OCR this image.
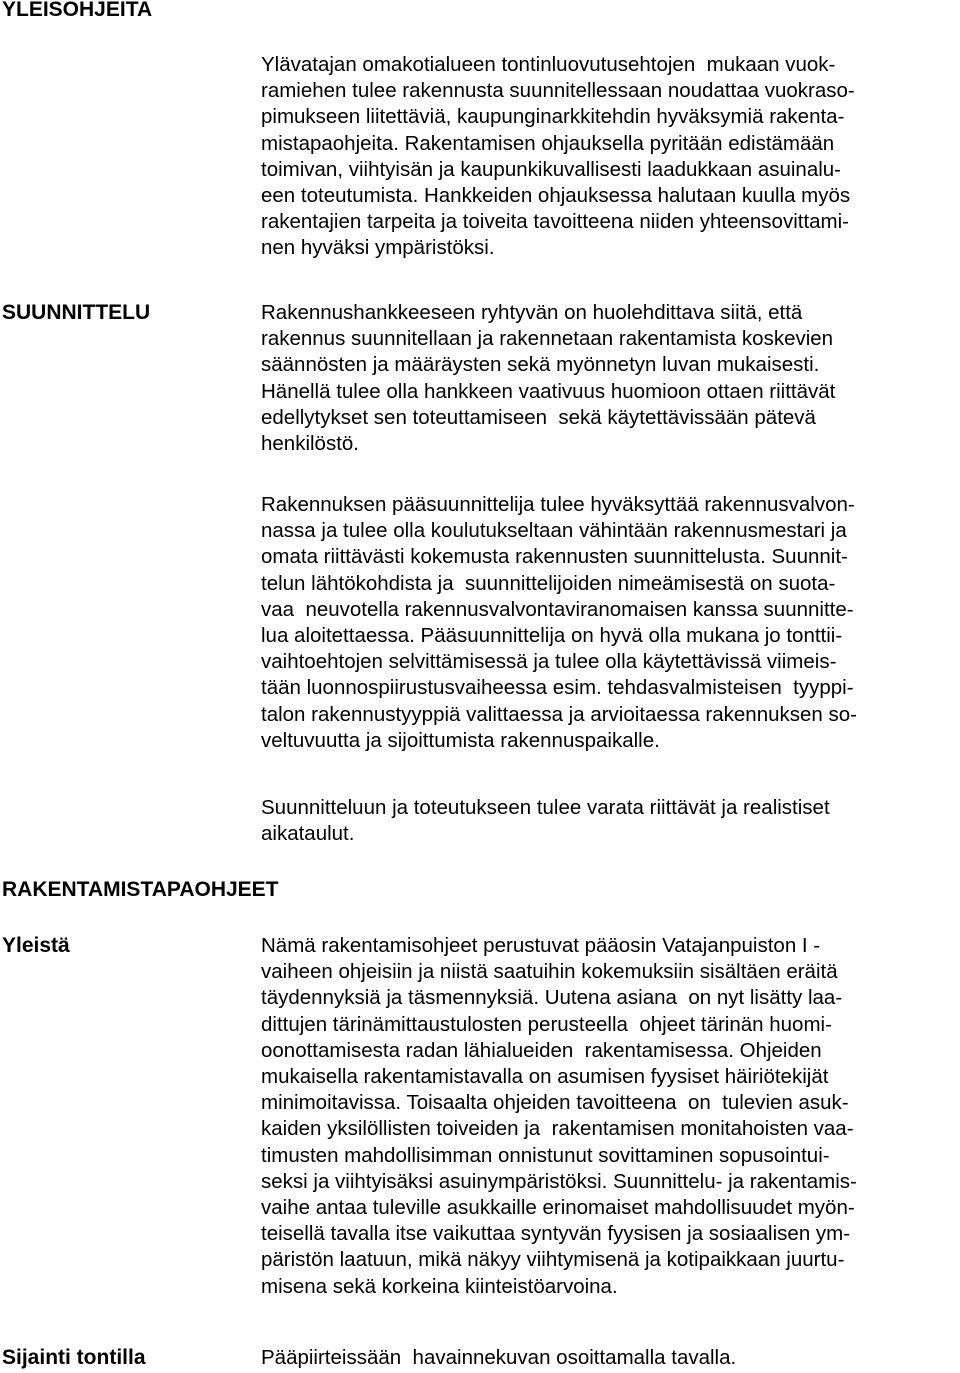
YLEISOHJEITA
SUUNNITTELU
RAKENTAMISTAPAOHJEET
Yleistä
Sijainti tontilla
Ylävatajan omakotialueen tontinluovutusehtojen  mukaan vuok-
ramiehen tulee rakennusta suunnitellessaan noudattaa vuokraso-
pimukseen liitettäviä, kaupunginarkkitehdin hyväksymiä rakenta-
mistapaohjeita. Rakentamisen ohjauksella pyritään edistämään
toimivan, viihtyisän ja kaupunkikuvallisesti laadukkaan asuinalu-
een toteutumista. Hankkeiden ohjauksessa halutaan kuulla myös
rakentajien tarpeita ja toiveita tavoitteena niiden yhteensovittami-
nen hyväksi ympäristöksi.
Rakennushankkeeseen ryhtyvän on huolehdittava siitä, että
rakennus suunnitellaan ja rakennetaan rakentamista koskevien
säännösten ja määräysten sekä myönnetyn luvan mukaisesti.
Hänellä tulee olla hankkeen vaativuus huomioon ottaen riittävät
edellytykset sen toteuttamiseen  sekä käytettävissään pätevä
henkilöstö.
Rakennuksen pääsuunnittelija tulee hyväksyttää rakennusvalvon-
nassa ja tulee olla koulutukseltaan vähintään rakennusmestari ja
omata riittävästi kokemusta rakennusten suunnittelusta. Suunnit-
telun lähtökohdista ja  suunnittelijoiden nimeämisestä on suota-
vaa  neuvotella rakennusvalvontaviranomaisen kanssa suunnitte-
lua aloitettaessa. Pääsuunnittelija on hyvä olla mukana jo tonttii-
vaihtoehtojen selvittämisessä ja tulee olla käytettävissä viimeis-
tään luonnospiirustusvaiheessa esim. tehdasvalmisteisen  tyyppi-
talon rakennustyyppiä valittaessa ja arvioitaessa rakennuksen so-
veltuvuutta ja sijoittumista rakennuspaikalle.
Suunnitteluun ja toteutukseen tulee varata riittävät ja realistiset
aikataulut.
Nämä rakentamisohjeet perustuvat pääosin Vatajanpuiston I -
vaiheen ohjeisiin ja niistä saatuihin kokemuksiin sisältäen eräitä
täydennyksiä ja täsmennyksiä. Uutena asiana  on nyt lisätty laa-
dittujen tärinämittaustulosten perusteella  ohjeet tärinän huomi-
oonottamisesta radan lähialueiden  rakentamisessa. Ohjeiden
mukaisella rakentamistavalla on asumisen fyysiset häiriötekijät
minimoitavissa. Toisaalta ohjeiden tavoitteena  on  tulevien asuk-
kaiden yksilöllisten toiveiden ja  rakentamisen monitahoisten vaa-
timusten mahdollisimman onnistunut sovittaminen sopusointui-
seksi ja viihtyisäksi asuinympäristöksi. Suunnittelu- ja rakentamis-
vaihe antaa tuleville asukkaille erinomaiset mahdollisuudet myön-
teisellä tavalla itse vaikuttaa syntyvän fyysisen ja sosiaalisen ym-
päristön laatuun, mikä näkyy viihtymisenä ja kotipaikkaan juurtu-
misena sekä korkeina kiinteistöarvoina.
Pääpiirteissään  havainnekuvan osoittamalla tavalla.
